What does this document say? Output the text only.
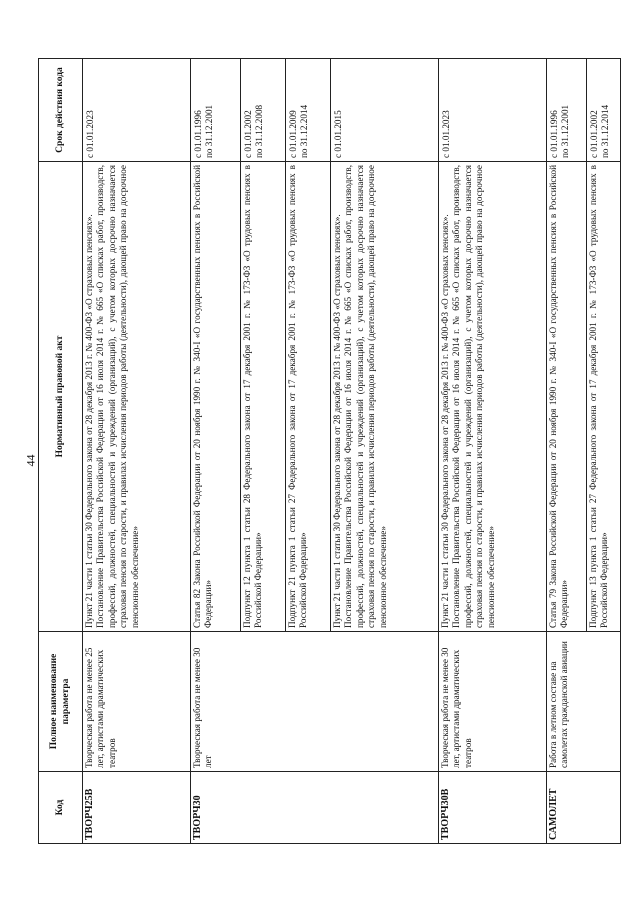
44
Код	Полное наименование параметра	Нормативный правовой акт	Срок действия кода
ТВОРЧ25В	Творческая работа не менее 25 лет, артистами драматических театров	Пункт 21 части 1 статьи 30 Федерального закона от 28 декабря 2013 г. № 400-ФЗ «О страховых пенсиях». Постановление Правительства Российской Федерации от 16 июля 2014 г. № 665 «О списках работ, производств, профессий, должностей, специальностей и учреждений (организаций), с учетом которых досрочно назначается страховая пенсия по старости, и правилах исчисления периодов работы (деятельности), дающей право на досрочное пенсионное обеспечение»	с 01.01.2023

ТВОРЧ30	Творческая работа не менее 30 лет	Статья 82 Закона Российской Федерации от 20 ноября 1990 г. № 340-I «О государственных пенсиях в Российской Федерации»	с 01.01.1996 по 31.12.2001

		Подпункт 12 пункта 1 статьи 28 Федерального закона от 17 декабря 2001 г. № 173-ФЗ «О трудовых пенсиях в Российской Федерации»	с 01.01.2002 по 31.12.2008

		Подпункт 21 пункта 1 статьи 27 Федерального закона от 17 декабря 2001 г. № 173-ФЗ «О трудовых пенсиях в Российской Федерации»	с 01.01.2009 по 31.12.2014

		Пункт 21 части 1 статьи 30 Федерального закона от 28 декабря 2013 г. № 400-ФЗ «О страховых пенсиях». Постановление Правительства Российской Федерации от 16 июля 2014 г. № 665 «О списках работ, производств, профессий, должностей, специальностей и учреждений (организаций), с учетом которых досрочно назначается страховая пенсия по старости, и правилах исчисления периодов работы (деятельности), дающей право на досрочное пенсионное обеспечение»	с 01.01.2015

ТВОРЧ30В	Творческая работа не менее 30 лет, артистами драматических театров	Пункт 21 части 1 статьи 30 Федерального закона от 28 декабря 2013 г. № 400-ФЗ «О страховых пенсиях». Постановление Правительства Российской Федерации от 16 июля 2014 г. № 665 «О списках работ, производств, профессий, должностей, специальностей и учреждений (организаций), с учетом которых досрочно назначается страховая пенсия по старости, и правилах исчисления периодов работы (деятельности), дающей право на досрочное пенсионное обеспечение»	с 01.01.2023

САМОЛЕТ	Работа в летном составе на самолетах гражданской авиации	Статья 79 Закона Российской Федерации от 20 ноября 1990 г. № 340-I «О государственных пенсиях в Российской Федерации»	с 01.01.1996 по 31.12.2001

		Подпункт 13 пункта 1 статьи 27 Федерального закона от 17 декабря 2001 г. № 173-ФЗ «О трудовых пенсиях в Российской Федерации»	с 01.01.2002 по 31.12.2014
